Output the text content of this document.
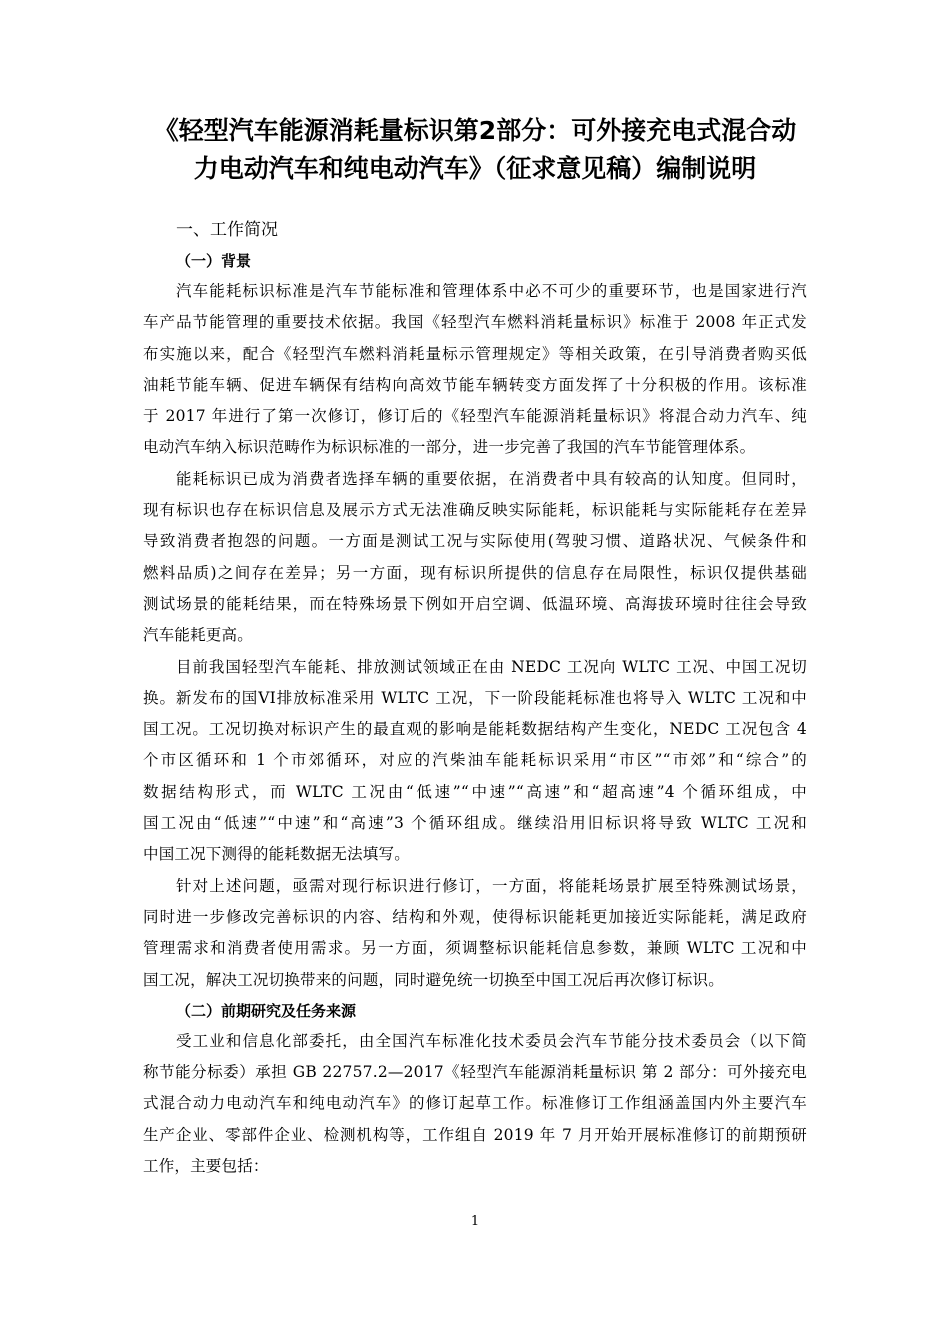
《轻型汽车能源消耗量标识第2部分：可外接充电式混合动
力电动汽车和纯电动汽车》（征求意见稿）编制说明
一、工作简况
（一）背景

汽车能耗标识标准是汽车节能标准和管理体系中必不可少的重要环节，也是国家进行汽
车产品节能管理的重要技术依据。我国《轻型汽车燃料消耗量标识》标准于 2008 年正式发
布实施以来，配合《轻型汽车燃料消耗量标示管理规定》等相关政策，在引导消费者购买低
油耗节能车辆、促进车辆保有结构向高效节能车辆转变方面发挥了十分积极的作用。该标准
于 2017 年进行了第一次修订，修订后的《轻型汽车能源消耗量标识》将混合动力汽车、纯
电动汽车纳入标识范畴作为标识标准的一部分，进一步完善了我国的汽车节能管理体系。

能耗标识已成为消费者选择车辆的重要依据，在消费者中具有较高的认知度。但同时，
现有标识也存在标识信息及展示方式无法准确反映实际能耗，标识能耗与实际能耗存在差异
导致消费者抱怨的问题。一方面是测试工况与实际使用(驾驶习惯、道路状况、气候条件和
燃料品质)之间存在差异；另一方面，现有标识所提供的信息存在局限性，标识仅提供基础
测试场景的能耗结果，而在特殊场景下例如开启空调、低温环境、高海拔环境时往往会导致
汽车能耗更高。

目前我国轻型汽车能耗、排放测试领域正在由 NEDC 工况向 WLTC 工况、中国工况切
换。新发布的国VI排放标准采用 WLTC 工况，下一阶段能耗标准也将导入 WLTC 工况和中
国工况。工况切换对标识产生的最直观的影响是能耗数据结构产生变化，NEDC 工况包含 4
个市区循环和 1 个市郊循环，对应的汽柴油车能耗标识采用“市区”“市郊”和“综合”的
数据结构形式，而 WLTC 工况由“低速”“中速”“高速”和“超高速”4 个循环组成，中
国工况由“低速”“中速”和“高速”3 个循环组成。继续沿用旧标识将导致 WLTC 工况和
中国工况下测得的能耗数据无法填写。

针对上述问题，亟需对现行标识进行修订，一方面，将能耗场景扩展至特殊测试场景，
同时进一步修改完善标识的内容、结构和外观，使得标识能耗更加接近实际能耗，满足政府
管理需求和消费者使用需求。另一方面，须调整标识能耗信息参数，兼顾 WLTC 工况和中
国工况，解决工况切换带来的问题，同时避免统一切换至中国工况后再次修订标识。

（二）前期研究及任务来源

受工业和信息化部委托，由全国汽车标准化技术委员会汽车节能分技术委员会（以下简
称节能分标委）承担 GB 22757.2—2017《轻型汽车能源消耗量标识 第 2 部分：可外接充电
式混合动力电动汽车和纯电动汽车》的修订起草工作。标准修订工作组涵盖国内外主要汽车
生产企业、零部件企业、检测机构等，工作组自 2019 年 7 月开始开展标准修订的前期预研
工作，主要包括：

1
